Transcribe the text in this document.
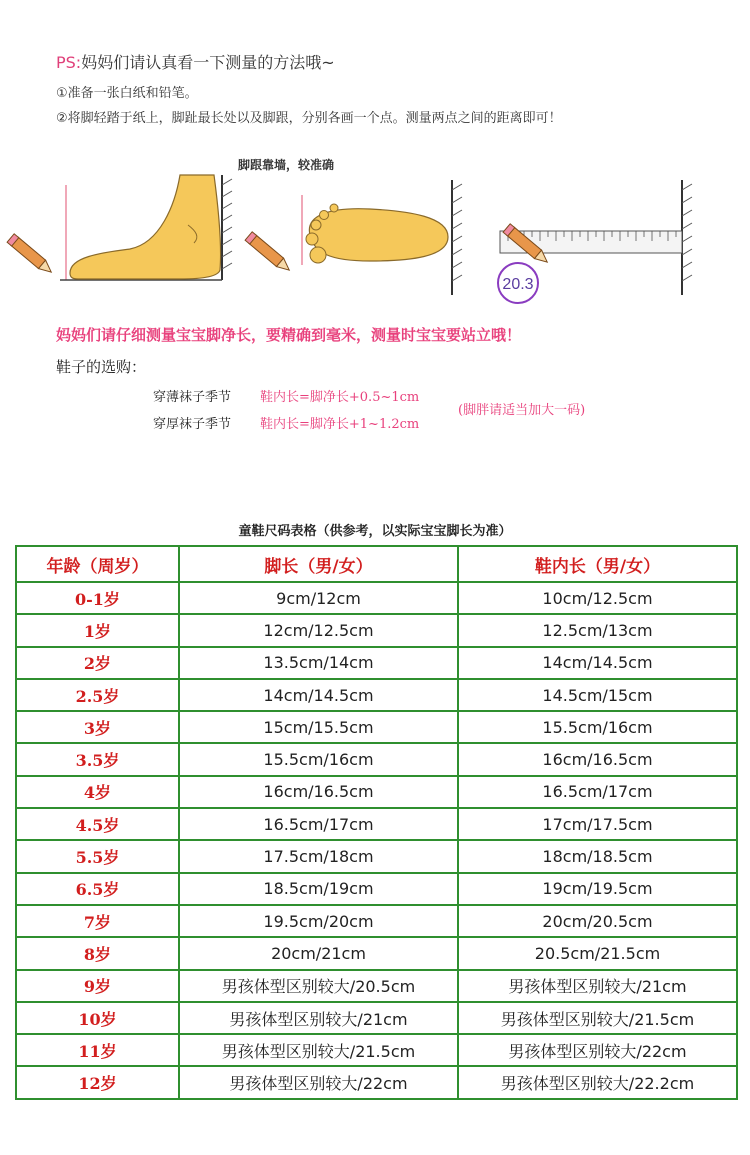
PS:妈妈们请认真看一下测量的方法哦~
①准备一张白纸和铅笔。
②将脚轻踏于纸上，脚趾最长处以及脚跟，分别各画一个点。测量两点之间的距离即可！
20.3
脚跟靠墙，较准确
妈妈们请仔细测量宝宝脚净长，要精确到毫米，测量时宝宝要站立哦！
鞋子的选购：
穿薄袜子季节 鞋内长=脚净长+0.5~1cm
穿厚袜子季节 鞋内长=脚净长+1~1.2cm
(脚胖请适当加大一码)
童鞋尺码表格（供参考，以实际宝宝脚长为准）
年龄（周岁）	脚长（男/女）	鞋内长（男/女）
0-1岁	9cm/12cm	10cm/12.5cm
1岁	12cm/12.5cm	12.5cm/13cm
2岁	13.5cm/14cm	14cm/14.5cm
2.5岁	14cm/14.5cm	14.5cm/15cm
3岁	15cm/15.5cm	15.5cm/16cm
3.5岁	15.5cm/16cm	16cm/16.5cm
4岁	16cm/16.5cm	16.5cm/17cm
4.5岁	16.5cm/17cm	17cm/17.5cm
5.5岁	17.5cm/18cm	18cm/18.5cm
6.5岁	18.5cm/19cm	19cm/19.5cm
7岁	19.5cm/20cm	20cm/20.5cm
8岁	20cm/21cm	20.5cm/21.5cm
9岁	男孩体型区别较大/20.5cm	男孩体型区别较大/21cm
10岁	男孩体型区别较大/21cm	男孩体型区别较大/21.5cm
11岁	男孩体型区别较大/21.5cm	男孩体型区别较大/22cm
12岁	男孩体型区别较大/22cm	男孩体型区别较大/22.2cm
